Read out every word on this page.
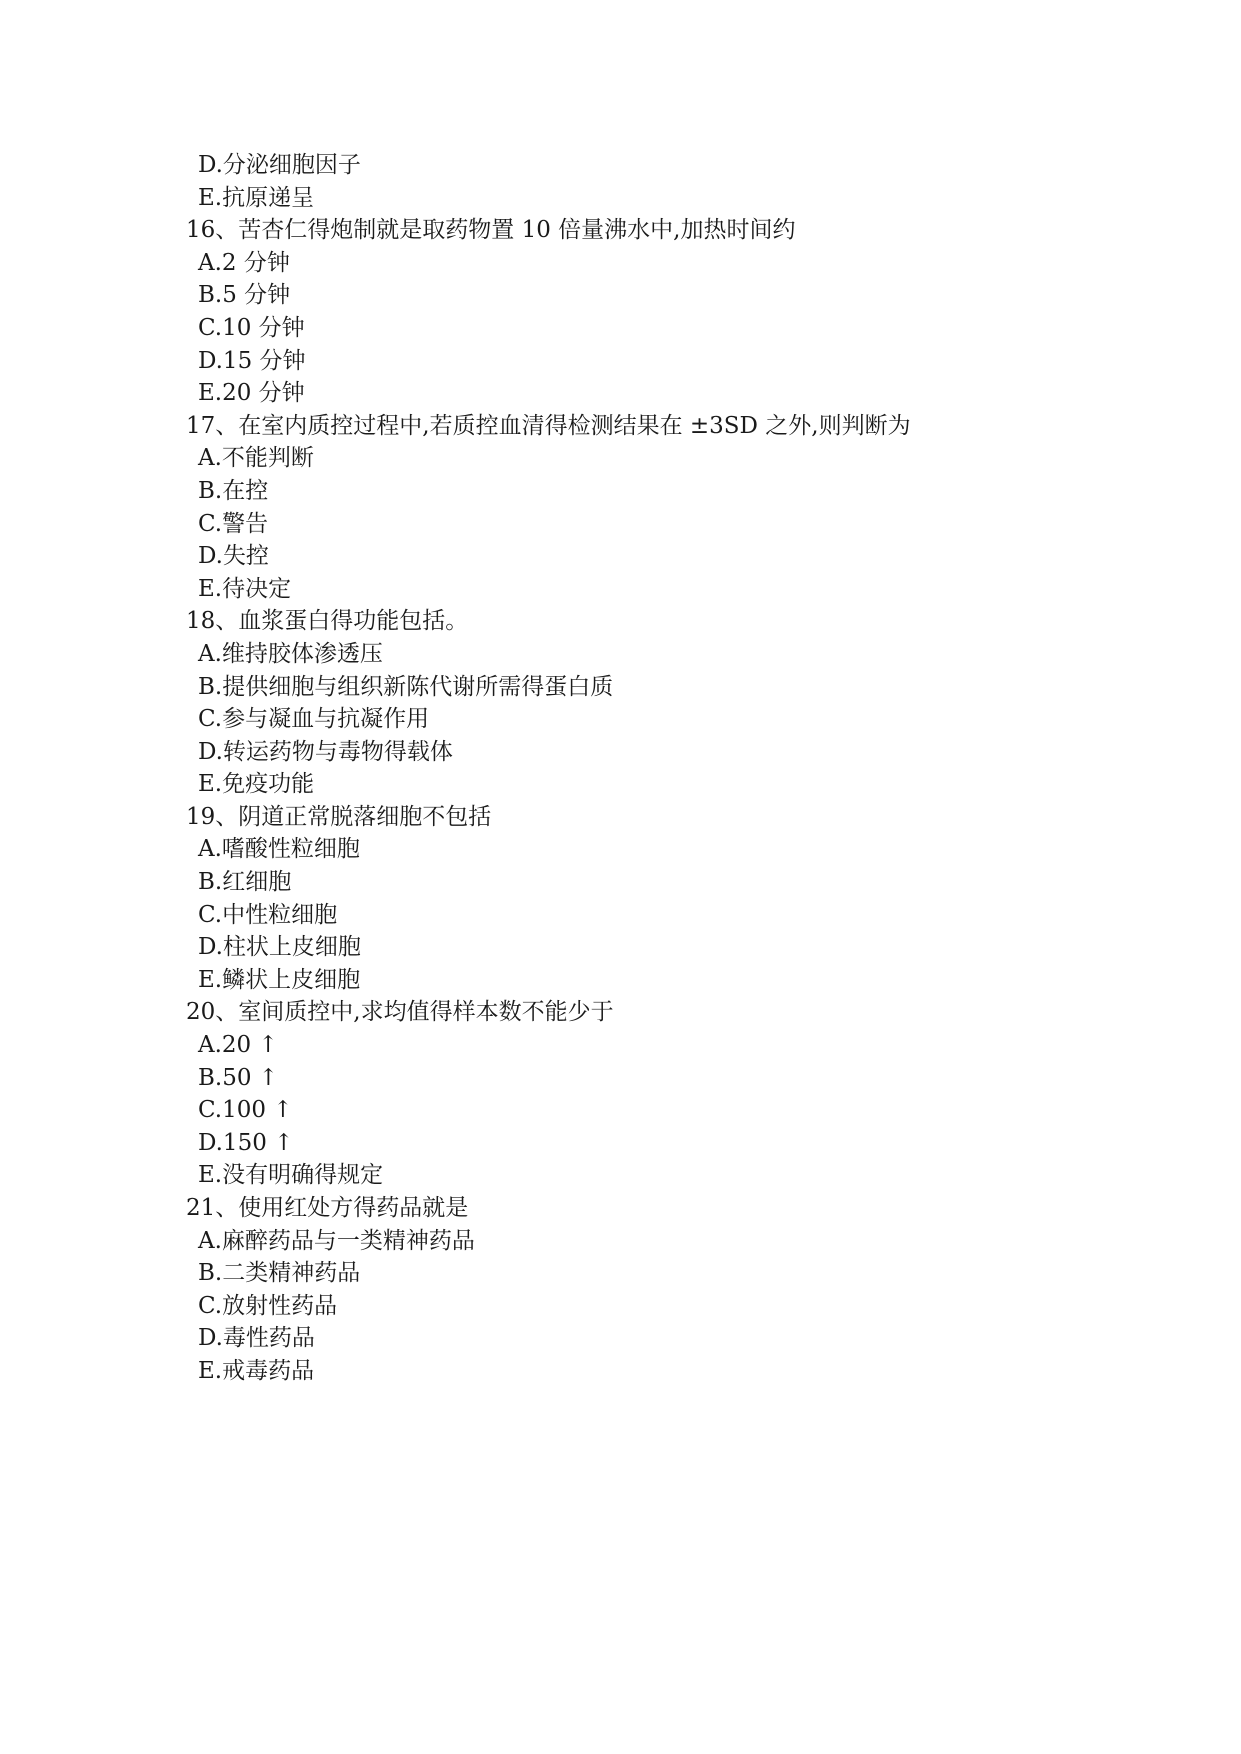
D.分泌细胞因子
E.抗原递呈
16、苦杏仁得炮制就是取药物置 10 倍量沸水中,加热时间约
A.2 分钟
B.5 分钟
C.10 分钟
D.15 分钟
E.20 分钟
17、在室内质控过程中,若质控血清得检测结果在 ±3SD 之外,则判断为
A.不能判断
B.在控
C.警告
D.失控
E.待决定
18、血浆蛋白得功能包括。
A.维持胶体渗透压
B.提供细胞与组织新陈代谢所需得蛋白质
C.参与凝血与抗凝作用
D.转运药物与毒物得载体
E.免疫功能
19、阴道正常脱落细胞不包括
A.嗜酸性粒细胞
B.红细胞
C.中性粒细胞
D.柱状上皮细胞
E.鳞状上皮细胞
20、室间质控中,求均值得样本数不能少于
A.20 ↑
B.50 ↑
C.100 ↑
D.150 ↑
E.没有明确得规定
21、使用红处方得药品就是
A.麻醉药品与一类精神药品
B.二类精神药品
C.放射性药品
D.毒性药品
E.戒毒药品
